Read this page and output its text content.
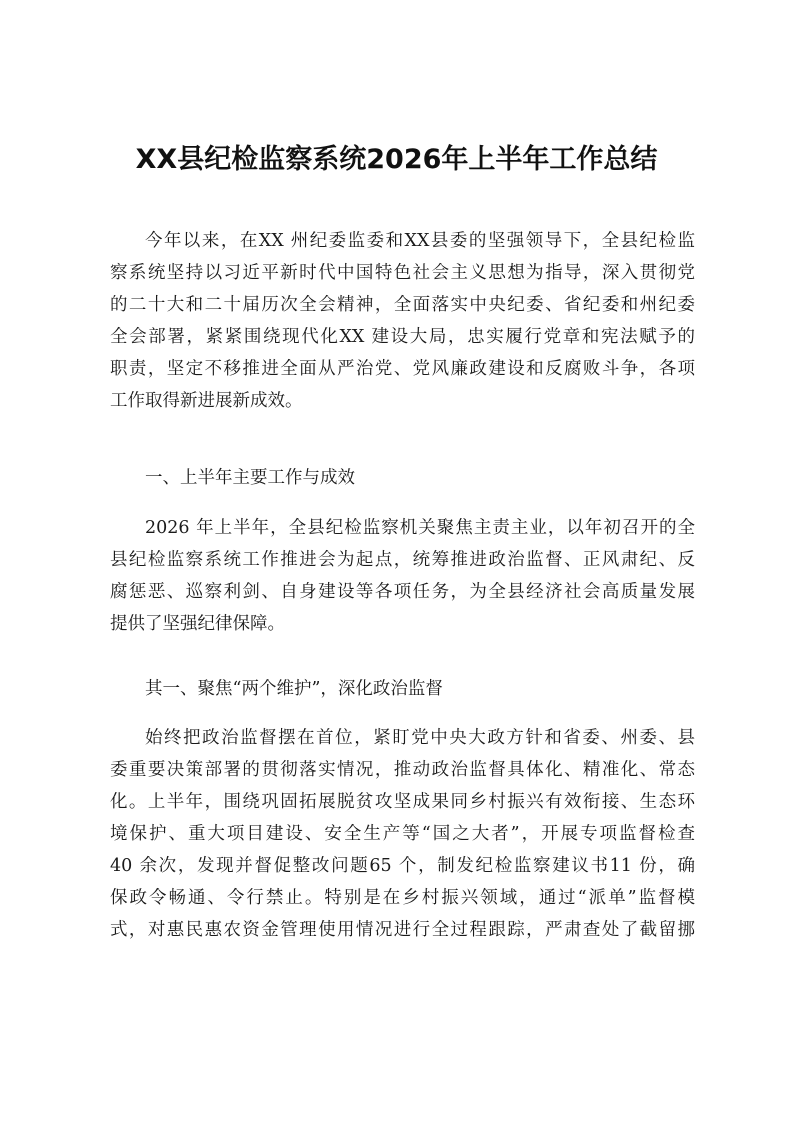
XX县纪检监察系统2026年上半年工作总结
今年以来，在XX 州纪委监委和XX县委的坚强领导下，全县纪检监
察系统坚持以习近平新时代中国特色社会主义思想为指导，深入贯彻党
的二十大和二十届历次全会精神，全面落实中央纪委、省纪委和州纪委
全会部署，紧紧围绕现代化XX 建设大局，忠实履行党章和宪法赋予的
职责，坚定不移推进全面从严治党、党风廉政建设和反腐败斗争，各项
工作取得新进展新成效。
一、上半年主要工作与成效
2026 年上半年，全县纪检监察机关聚焦主责主业，以年初召开的全
县纪检监察系统工作推进会为起点，统筹推进政治监督、正风肃纪、反
腐惩恶、巡察利剑、自身建设等各项任务，为全县经济社会高质量发展
提供了坚强纪律保障。
其一、聚焦“两个维护”，深化政治监督
始终把政治监督摆在首位，紧盯党中央大政方针和省委、州委、县
委重要决策部署的贯彻落实情况，推动政治监督具体化、精准化、常态
化。上半年，围绕巩固拓展脱贫攻坚成果同乡村振兴有效衔接、生态环
境保护、重大项目建设、安全生产等“国之大者”，开展专项监督检查
40 余次，发现并督促整改问题65 个，制发纪检监察建议书11 份，确
保政令畅通、令行禁止。特别是在乡村振兴领域，通过“派单”监督模
式，对惠民惠农资金管理使用情况进行全过程跟踪，严肃查处了截留挪
